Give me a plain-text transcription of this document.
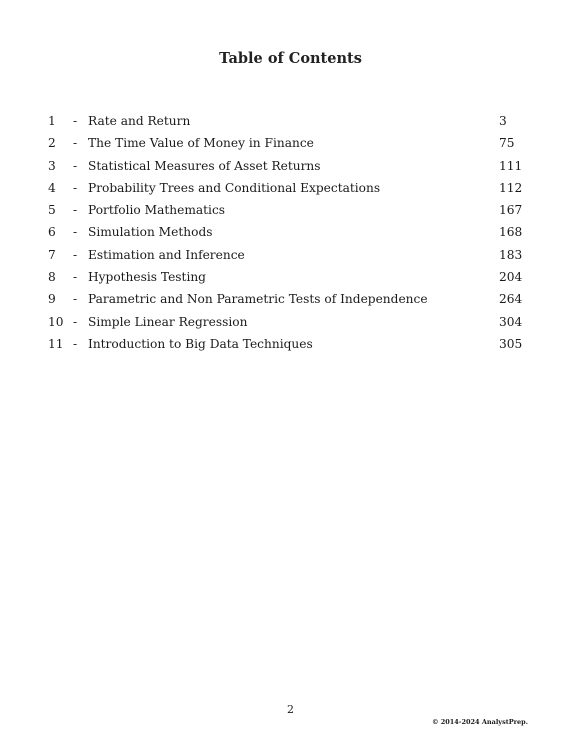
Table of Contents
1	- Rate and Return	3
2	- The Time Value of Money in Finance	75
3	- Statistical Measures of Asset Returns	111
4	- Probability Trees and Conditional Expectations	112
5	- Portfolio Mathematics	167
6	- Simulation Methods	168
7	- Estimation and Inference	183
8	- Hypothesis Testing	204
9	- Parametric and Non Parametric Tests of Independence	264
10 - Simple Linear Regression	304
11 - Introduction to Big Data Techniques	305
2
© 2014-2024 AnalystPrep.
